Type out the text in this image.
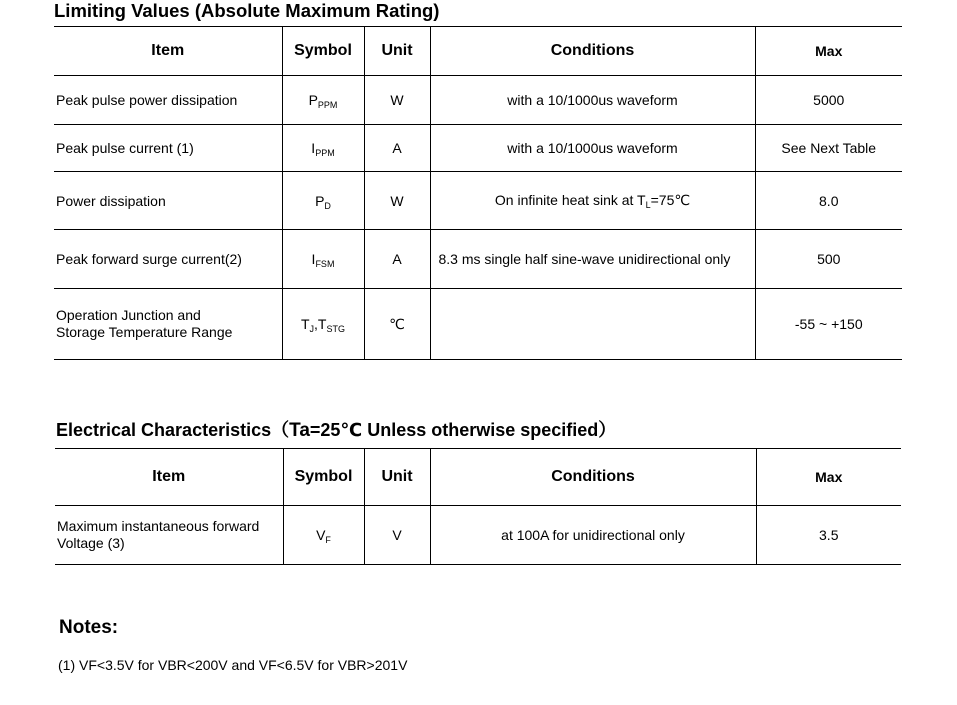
Limiting Values (Absolute Maximum Rating)
Item	Symbol	Unit	Conditions	Max
Peak pulse power dissipation	$P_{PPM}$	W	with a 10/1000us waveform	5000
Peak pulse current (1)	$I_{PPM}$	A	with a 10/1000us waveform	See Next Table
Power dissipation	$P_D$	W	On infinite heat sink at $T_L=75℃$	8.0
Peak forward surge current(2)	$I_{FSM}$	A	8.3 ms single half sine-wave unidirectional only	500

Operation Junction and
Storage Temperature Range	$T_J,T_{STG}$	℃		-55 ~ +150
Electrical Characteristics（Ta=25℃ Unless otherwise specified）
Item	Symbol	Unit	Conditions	Max

Maximum instantaneous forward
Voltage (3)	$V_F$	V	at 100A for unidirectional only	3.5
Notes:
(1) VF<3.5V for VBR<200V and VF<6.5V for VBR>201V
